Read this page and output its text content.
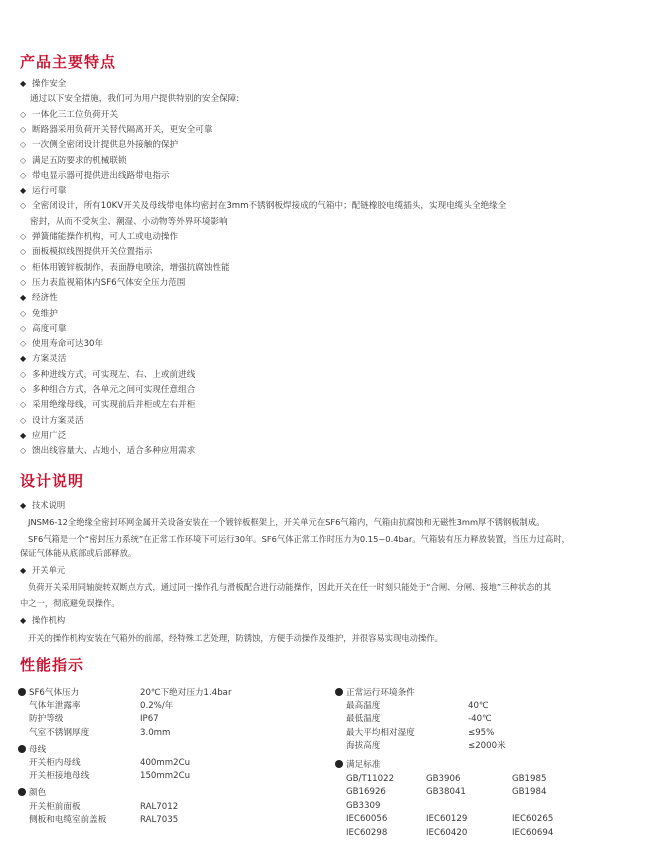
产品主要特点
◆ 操作安全
通过以下安全措施，我们可为用户提供特别的安全保障:
◇ 一体化三工位负荷开关
◇ 断路器采用负荷开关替代隔离开关，更安全可靠
◇ 一次侧全密闭设计提供息外接触的保护
◇ 满足五防要求的机械联锁
◇ 带电显示器可提供进出线路带电指示
◆ 运行可靠
◇ 全密闭设计，所有10KV开关及母线带电体均密封在3mm不锈钢板焊接成的气箱中；配链橡胶电缆插头，实现电缆头全绝缘全
密封，从而不受灰尘、潮湿、小动物等外界环境影响
◇ 弹簧储能操作机构，可人工或电动操作
◇ 面板模拟线图提供开关位置指示
◇ 柜体用镀锌板制作，表面静电喷涂，增强抗腐蚀性能
◇ 压力表监视箱体内SF6气体安全压力范围
◆ 经济性
◇ 免维护
◇ 高度可靠
◇ 使用寿命可达30年
◆ 方案灵活
◇ 多种进线方式，可实现左、右、上或前进线
◇ 多种组合方式，各单元之间可实现任意组合
◇ 采用绝缘母线，可实现前后并柜或左右并柜
◇ 设计方案灵活
◆ 应用广泛
◇ 馈出线容量大、占地小，适合多种应用需求
设计说明
◆ 技术说明
JNSM6-12全绝缘全密封环网金属开关设备安装在一个镀锌板框架上，开关单元在SF6气箱内，气箱由抗腐蚀和无磁性3mm厚不锈钢板制成。
SF6气箱是一个“密封压力系统”在正常工作环境下可运行30年。SF6气体正常工作时压力为0.15~0.4bar。气箱装有压力释放装置，当压力过高时，
保证气体能从底部或后部释放。
◆ 开关单元
负荷开关采用同轴旋转双断点方式，通过同一操作孔与滑板配合进行动能操作，因此开关在任一时刻只能处于“合闸、分闸、接地”三种状态的其
中之一，彻底避免误操作。
◆ 操作机构
开关的操作机构安装在气箱外的前部，经特殊工艺处理，防锈蚀，方便手动操作及维护，并很容易实现电动操作。
性能指示
SF6气体压力	20℃下绝对压力1.4bar
气体年泄露率	0.2%/年
防护等级	IP67
气室不锈钢厚度	3.0mm
母线
开关柜内母线	400mm2Cu
开关柜接地母线	150mm2Cu
颜色
开关柜前面板	RAL7012
侧板和电缆室前盖板	RAL7035
正常运行环境条件
最高温度	40℃
最低温度	-40℃
最大平均相对湿度	≤95%
海拔高度	≤2000米
满足标准
GB/T11022	GB3906	GB1985
GB16926	GB38041	GB1984
GB3309
IEC60056	IEC60129	IEC60265
IEC60298	IEC60420	IEC60694
